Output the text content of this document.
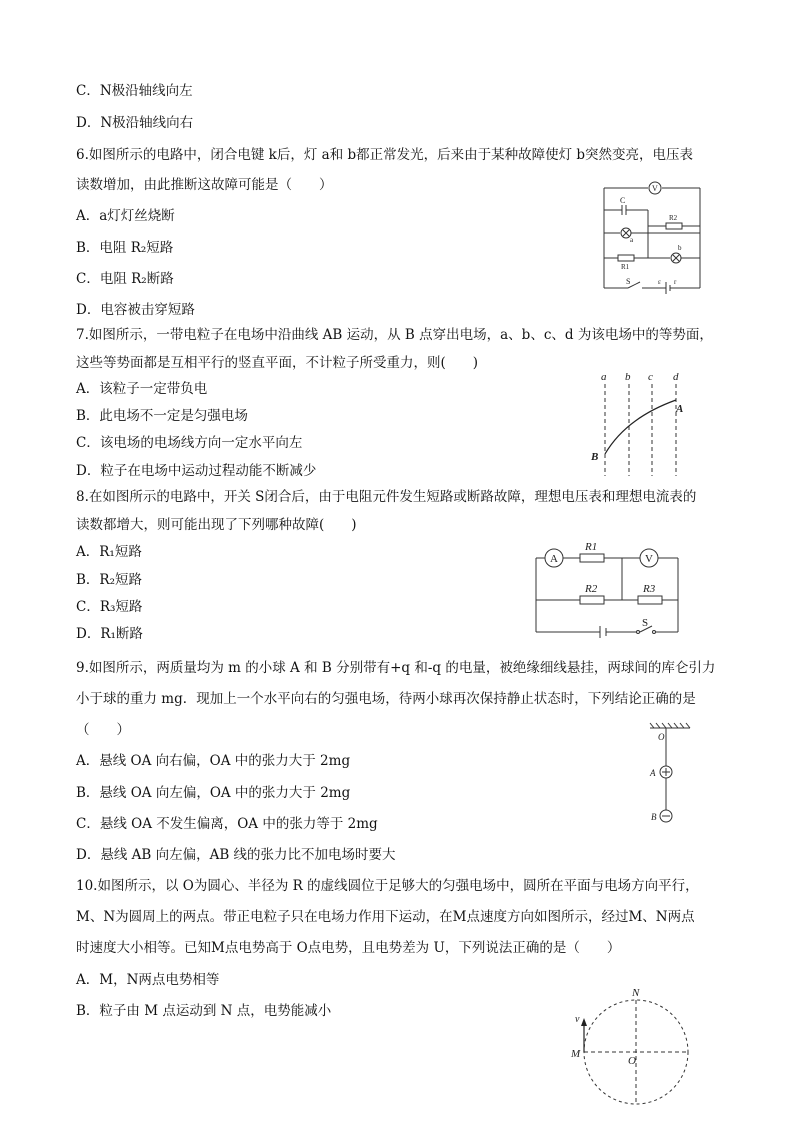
C．N极沿轴线向左
D．N极沿轴线向右
6.如图所示的电路中，闭合电键 k后，灯 a和 b都正常发光，后来由于某种故障使灯 b突然变亮，电压表
读数增加，由此推断这故障可能是（　　）
A．a灯灯丝烧断
B．电阻 R₂短路
C．电阻 R₂断路
D．电容被击穿短路
7.如图所示，一带电粒子在电场中沿曲线 AB 运动，从 B 点穿出电场，a、b、c、d 为该电场中的等势面，
这些等势面都是互相平行的竖直平面，不计粒子所受重力，则(　　)
A．该粒子一定带负电
B．此电场不一定是匀强电场
C．该电场的电场线方向一定水平向左
D．粒子在电场中运动过程动能不断减少
8.在如图所示的电路中，开关 S闭合后，由于电阻元件发生短路或断路故障，理想电压表和理想电流表的
读数都增大，则可能出现了下列哪种故障(　　)
A．R₁短路
B．R₂短路
C．R₃短路
D．R₁断路
9.如图所示，两质量均为 m 的小球 A 和 B 分别带有+q 和-q 的电量，被绝缘细线悬挂，两球间的库仑引力
小于球的重力 mg．现加上一个水平向右的匀强电场，待两小球再次保持静止状态时，下列结论正确的是
（　　）
A．悬线 OA 向右偏，OA 中的张力大于 2mg
B．悬线 OA 向左偏，OA 中的张力大于 2mg
C．悬线 OA 不发生偏离，OA 中的张力等于 2mg
D．悬线 AB 向左偏，AB 线的张力比不加电场时要大
10.如图所示，以 O为圆心、半径为 R 的虚线圆位于足够大的匀强电场中，圆所在平面与电场方向平行，
M、N为圆周上的两点。带正电粒子只在电场力作用下运动，在M点速度方向如图所示，经过M、N两点
时速度大小相等。已知M点电势高于 O点电势，且电势差为 U，下列说法正确的是（　　）
A．M，N两点电势相等
B．粒子由 M 点运动到 N 点，电势能减小
V
C
R2
a
b
R1
S	ε r
a b c d
A
B
A	V
R1
R2	R3
S
O
A
B
N
M
O
v
